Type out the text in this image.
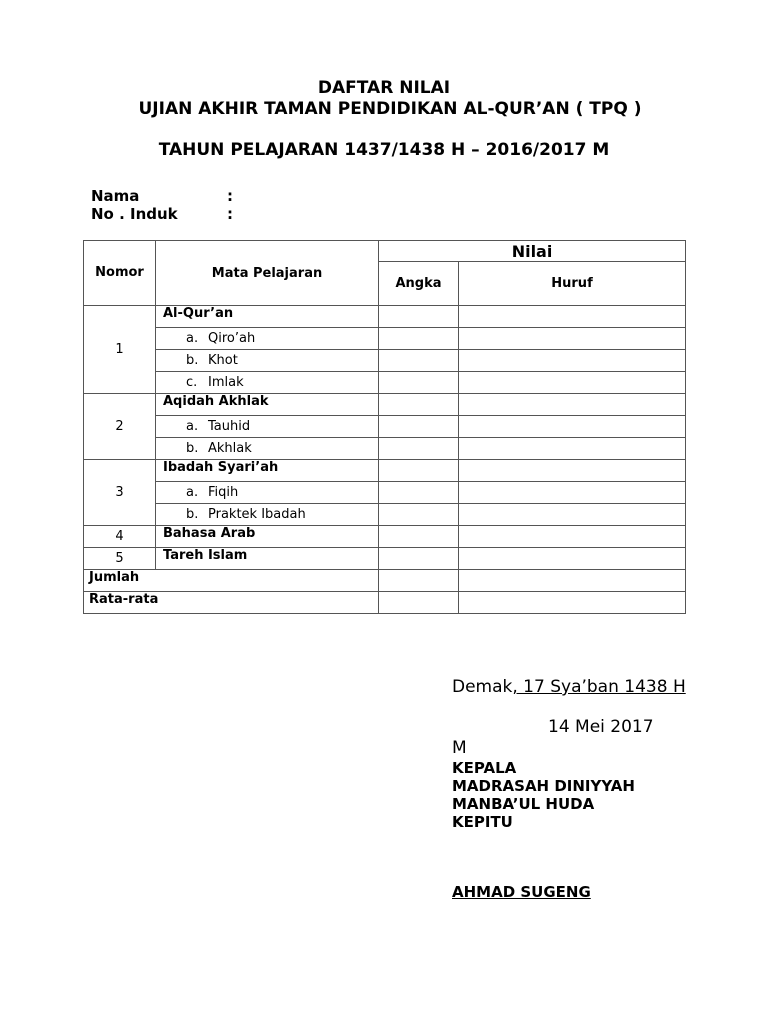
DAFTAR NILAI
UJIAN AKHIR TAMAN PENDIDIKAN AL-QUR’AN ( TPQ )
TAHUN PELAJARAN 1437/1438 H – 2016/2017 M
Nama	:
No . Induk	:
Nomor	Mata Pelajaran	Nilai	
		Angka	Huruf
1	Al-Qur’an		
	a. Qiro’ah		
	b. Khot		
	c. Imlak		
2	Aqidah Akhlak		
	a. Tauhid		
	b. Akhlak		
3	Ibadah Syari’ah		
	a. Fiqih		
	b. Praktek Ibadah		
4	Bahasa Arab		
5	Tareh Islam		
Jumlah			
Rata-rata			
Demak, 17 Sya’ban 1438 H
14 Mei 2017 M
KEPALA
MADRASAH DINIYYAH
MANBA’UL HUDA
KEPITU
AHMAD SUGENG
